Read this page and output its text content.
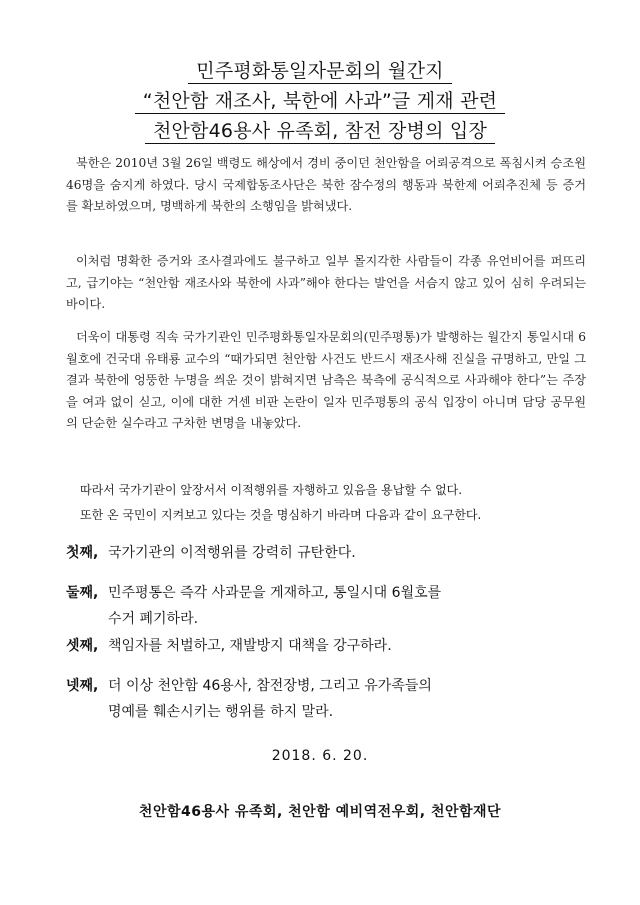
민주평화통일자문회의 월간지
“천안함 재조사, 북한에 사과”글 게재 관련
천안함46용사 유족회, 참전 장병의 입장

북한은 2010년 3월 26일 백령도 해상에서 경비 중이던 천안함을 어뢰공격으로 폭침시켜 승조원 46명을 숨지게 하였다. 당시 국제합동조사단은 북한 잠수정의 행동과 북한제 어뢰추진체 등 증거를 확보하였으며, 명백하게 북한의 소행임을 밝혀냈다.

이처럼 명확한 증거와 조사결과에도 불구하고 일부 몰지각한 사람들이 각종 유언비어를 퍼뜨리고, 급기야는 “천안함 재조사와 북한에 사과”해야 한다는 발언을 서슴지 않고 있어 심히 우려되는 바이다.

더욱이 대통령 직속 국가기관인 민주평화통일자문회의(민주평통)가 발행하는 월간지 통일시대 6월호에 건국대 유태룡 교수의 “때가되면 천안함 사건도 반드시 재조사해 진실을 규명하고, 만일 그 결과 북한에 엉뚱한 누명을 씌운 것이 밝혀지면 남측은 북측에 공식적으로 사과해야 한다”는 주장을 여과 없이 싣고, 이에 대한 거센 비판 논란이 일자 민주평통의 공식 입장이 아니며 담당 공무원의 단순한 실수라고 구차한 변명을 내놓았다.

따라서 국가기관이 앞장서서 이적행위를 자행하고 있음을 용납할 수 없다.
또한 온 국민이 지켜보고 있다는 것을 명심하기 바라며 다음과 같이 요구한다.
첫째, 국가기관의 이적행위를 강력히 규탄한다.
둘째, 민주평통은 즉각 사과문을 게재하고, 통일시대 6월호를
수거 폐기하라.
셋째, 책임자를 처벌하고, 재발방지 대책을 강구하라.
넷째, 더 이상 천안함 46용사, 참전장병, 그리고 유가족들의
명예를 훼손시키는 행위를 하지 말라.
2018. 6. 20.
천안함46용사 유족회, 천안함 예비역전우회, 천안함재단
